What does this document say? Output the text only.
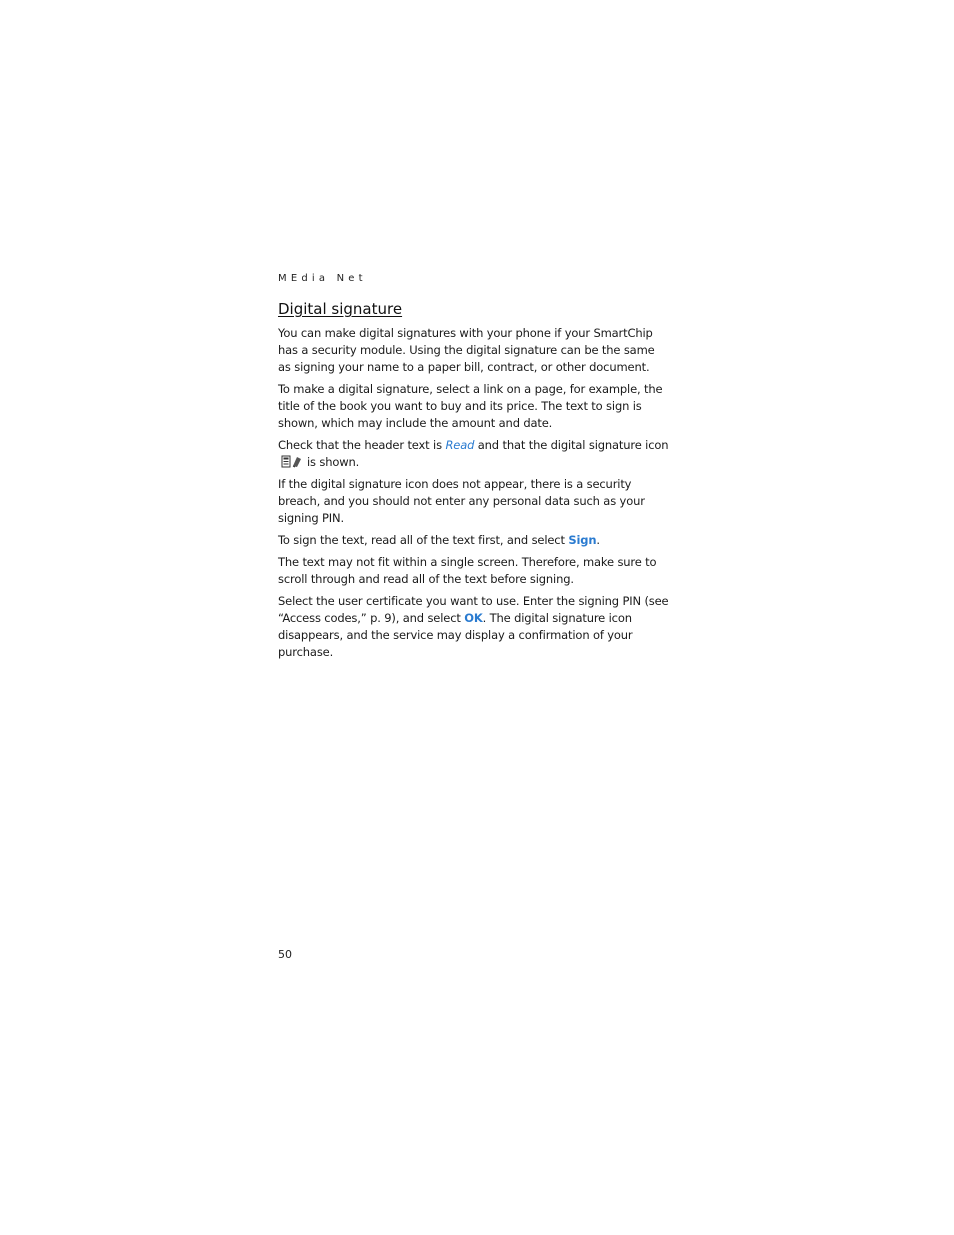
MEdia Net
Digital signature

You can make digital signatures with your phone if your SmartChip has a security module. Using the digital signature can be the same as signing your name to a paper bill, contract, or other document.

To make a digital signature, select a link on a page, for example, the title of the book you want to buy and its price. The text to sign is shown, which may include the amount and date.

Check that the header text is Read and that the digital signature icon

is shown.

If the digital signature icon does not appear, there is a security breach, and you should not enter any personal data such as your signing PIN.

To sign the text, read all of the text first, and select Sign.

The text may not fit within a single screen. Therefore, make sure to scroll through and read all of the text before signing.

Select the user certificate you want to use. Enter the signing PIN (see “Access codes,” p. 9), and select OK. The digital signature icon disappears, and the service may display a confirmation of your purchase.

50
